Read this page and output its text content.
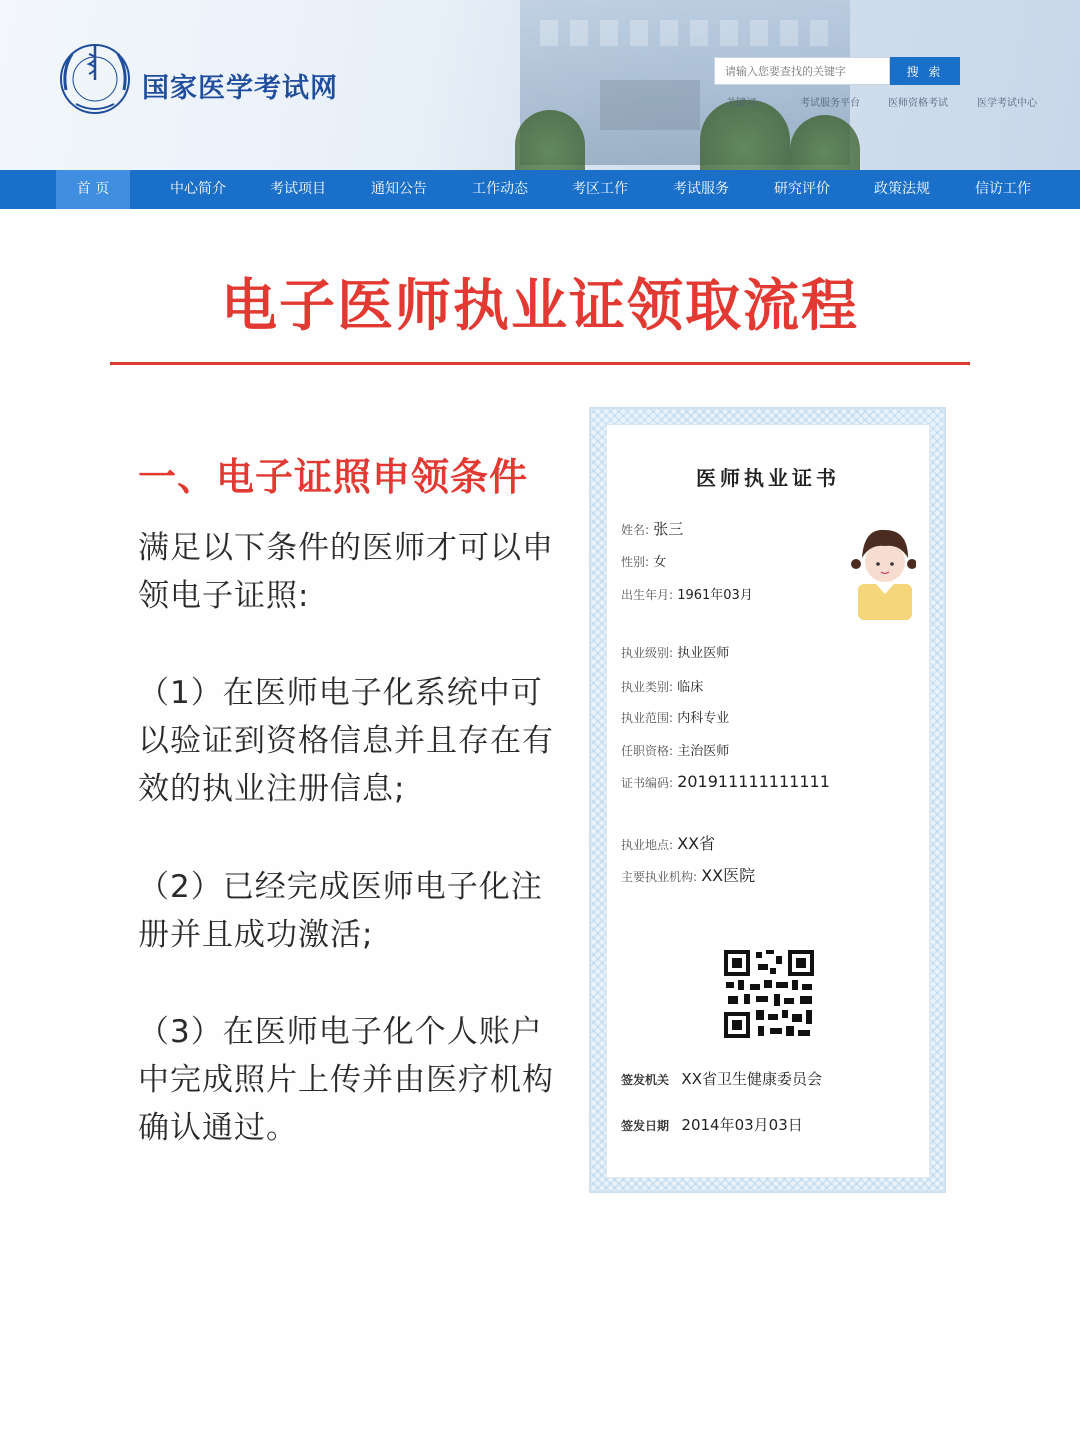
国家医学考试网
请输入您要查找的关键字
搜 索
关键词:	考试服务平台	医师资格考试	医学考试中心
首 页	中心简介	考试项目	通知公告	工作动态	考区工作	考试服务	研究评价	政策法规	信访工作
电子医师执业证领取流程
一、电子证照申领条件
满足以下条件的医师才可以申领电子证照:
（1）在医师电子化系统中可以验证到资格信息并且存在有效的执业注册信息;
（2）已经完成医师电子化注册并且成功激活;
（3）在医师电子化个人账户中完成照片上传并由医疗机构确认通过。
医师执业证书
姓名: 张三
性别: 女
出生年月: 1961年03月
执业级别: 执业医师
执业类别: 临床
执业范围: 内科专业
任职资格: 主治医师
证书编码: 201911111111111
执业地点: XX省
主要执业机构: XX医院
签发机关 XX省卫生健康委员会
签发日期 2014年03月03日
